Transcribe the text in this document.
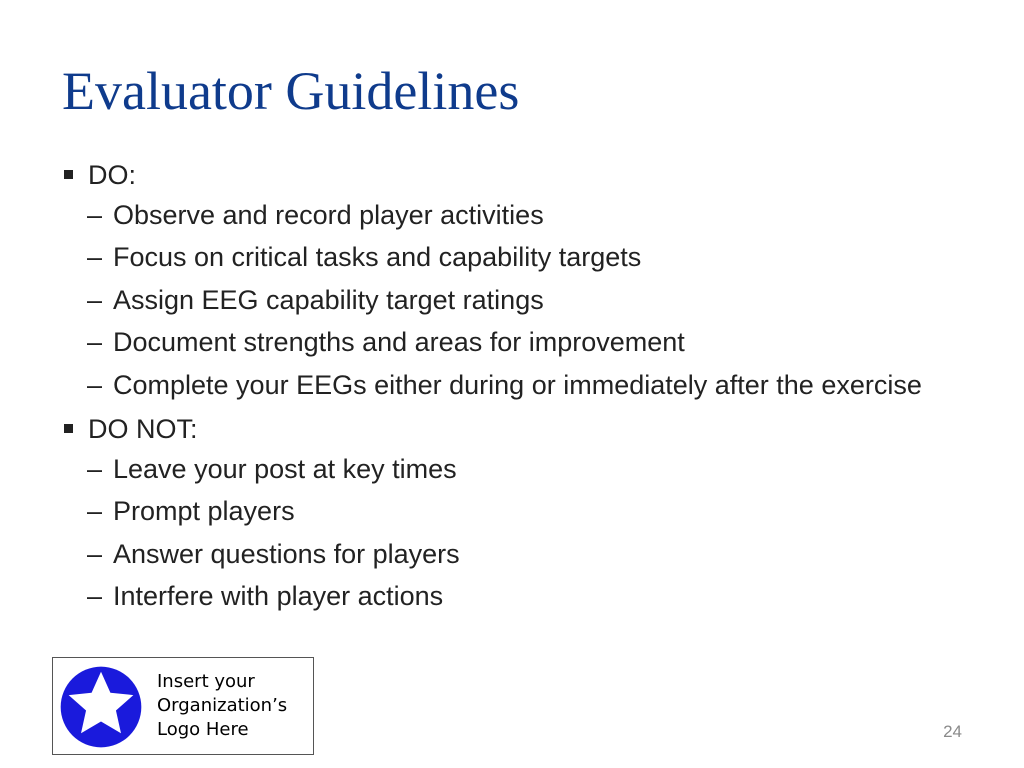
Evaluator Guidelines
DO:
– Observe and record player activities
– Focus on critical tasks and capability targets
– Assign EEG capability target ratings
– Document strengths and areas for improvement
– Complete your EEGs either during or immediately after the exercise
DO NOT:
– Leave your post at key times
– Prompt players
– Answer questions for players
– Interfere with player actions
Insert your
Organization’s
Logo Here	24
